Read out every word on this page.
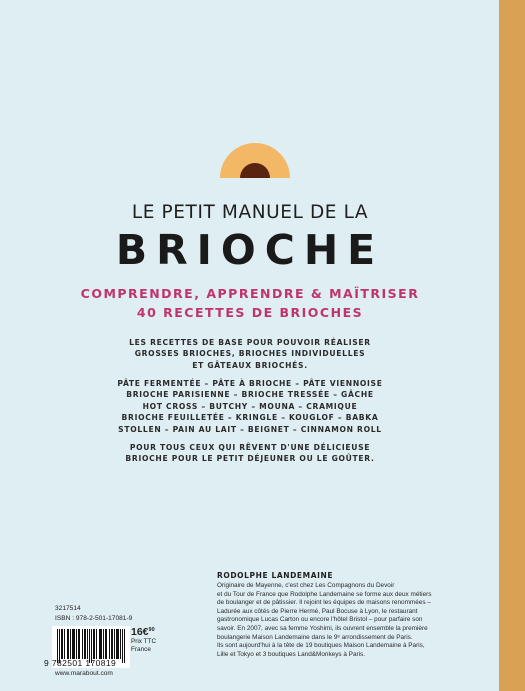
LE PETIT MANUEL DE LA
BRIOCHE
COMPRENDRE, APPRENDRE & MAÎTRISER
40 RECETTES DE BRIOCHES
LES RECETTES DE BASE POUR POUVOIR RÉALISER
GROSSES BRIOCHES, BRIOCHES INDIVIDUELLES
ET GÂTEAUX BRIOCHÉS.
PÂTE FERMENTÉE – PÂTE À BRIOCHE – PÂTE VIENNOISE
BRIOCHE PARISIENNE – BRIOCHE TRESSÉE – GÂCHE
HOT CROSS – BUTCHY – MOUNA – CRAMIQUE
BRIOCHE FEUILLETÉE – KRINGLE – KOUGLOF – BABKA
STOLLEN – PAIN AU LAIT – BEIGNET – CINNAMON ROLL
POUR TOUS CEUX QUI RÊVENT D'UNE DÉLICIEUSE
BRIOCHE POUR LE PETIT DÉJEUNER OU LE GOÛTER.
RODOLPHE LANDEMAINE
Originaire de Mayenne, c'est chez Les Compagnons du Devoir
et du Tour de France que Rodolphe Landemaine se forme aux deux métiers
de boulanger et de pâtissier. Il rejoint les équipes de maisons renommées –
Ladurée aux côtés de Pierre Hermé, Paul Bocuse à Lyon, le restaurant
gastronomique Lucas Carton ou encore l'hôtel Bristol – pour parfaire son
savoir. En 2007, avec sa femme Yoshimi, ils ouvrent ensemble la première
boulangerie Maison Landemaine dans le 9ᵉ arrondissement de Paris.
Ils sont aujourd'hui à la tête de 19 boutiques Maison Landemaine à Paris,
Lille et Tokyo et 3 boutiques Land&Monkeys à Paris.
3217514
ISBN : 978-2-501-17081-9
9 782501 170819
16€$^{90}$
Prix TTC
France
www.marabout.com
